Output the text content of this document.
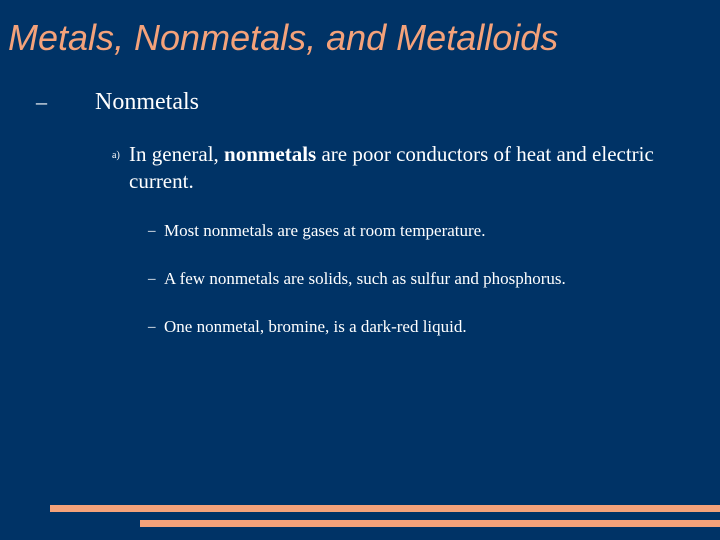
Metals, Nonmetals, and Metalloids
– Nonmetals
a) In general, nonmetals are poor conductors of heat and electric current.
– Most nonmetals are gases at room temperature.
– A few nonmetals are solids, such as sulfur and phosphorus.
– One nonmetal, bromine, is a dark-red liquid.
